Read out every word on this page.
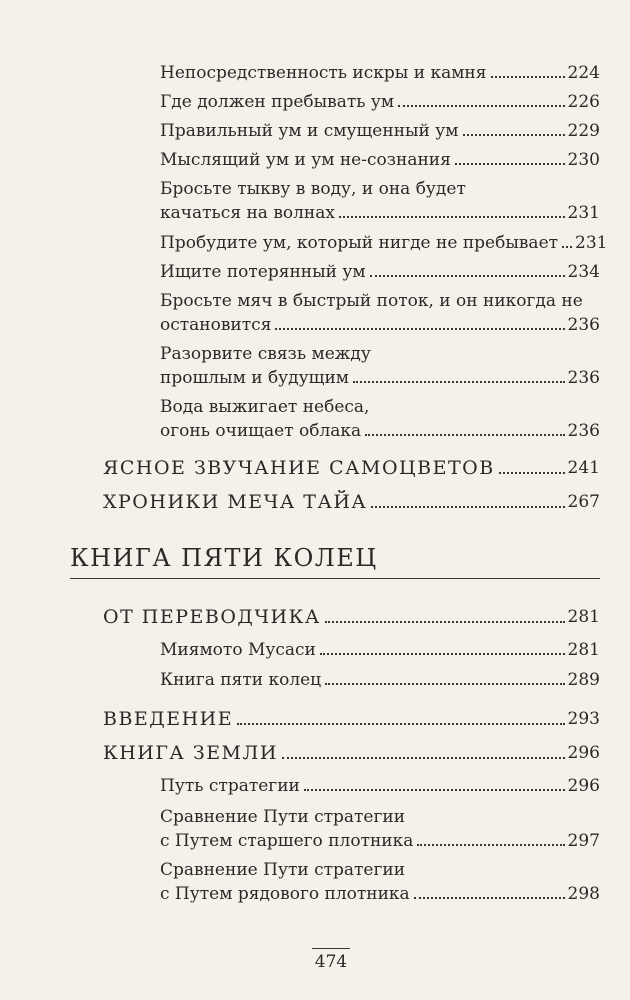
Непосредственность искры и камня	224
Где должен пребывать ум	226
Правильный ум и смущенный ум	229
Мыслящий ум и ум не-сознания	230
Бросьте тыкву в воду, и она будет
качаться на волнах	231
Пробудите ум, который нигде не пребывает 231
Ищите потерянный ум	234
Бросьте мяч в быстрый поток, и он никогда не
остановится	236
Разорвите связь между
прошлым и будущим	236
Вода выжигает небеса,
огонь очищает облака	236
ЯСНОЕ ЗВУЧАНИЕ САМОЦВЕТОВ	241
ХРОНИКИ МЕЧА ТАЙА	267
КНИГА ПЯТИ КОЛЕЦ
ОТ ПЕРЕВОДЧИКА	281
Миямото Мусаси	281
Книга пяти колец	289
ВВЕДЕНИЕ	293
КНИГА ЗЕМЛИ	296
Путь стратегии	296
Сравнение Пути стратегии
с Путем старшего плотника	297
Сравнение Пути стратегии
с Путем рядового плотника	298
474
